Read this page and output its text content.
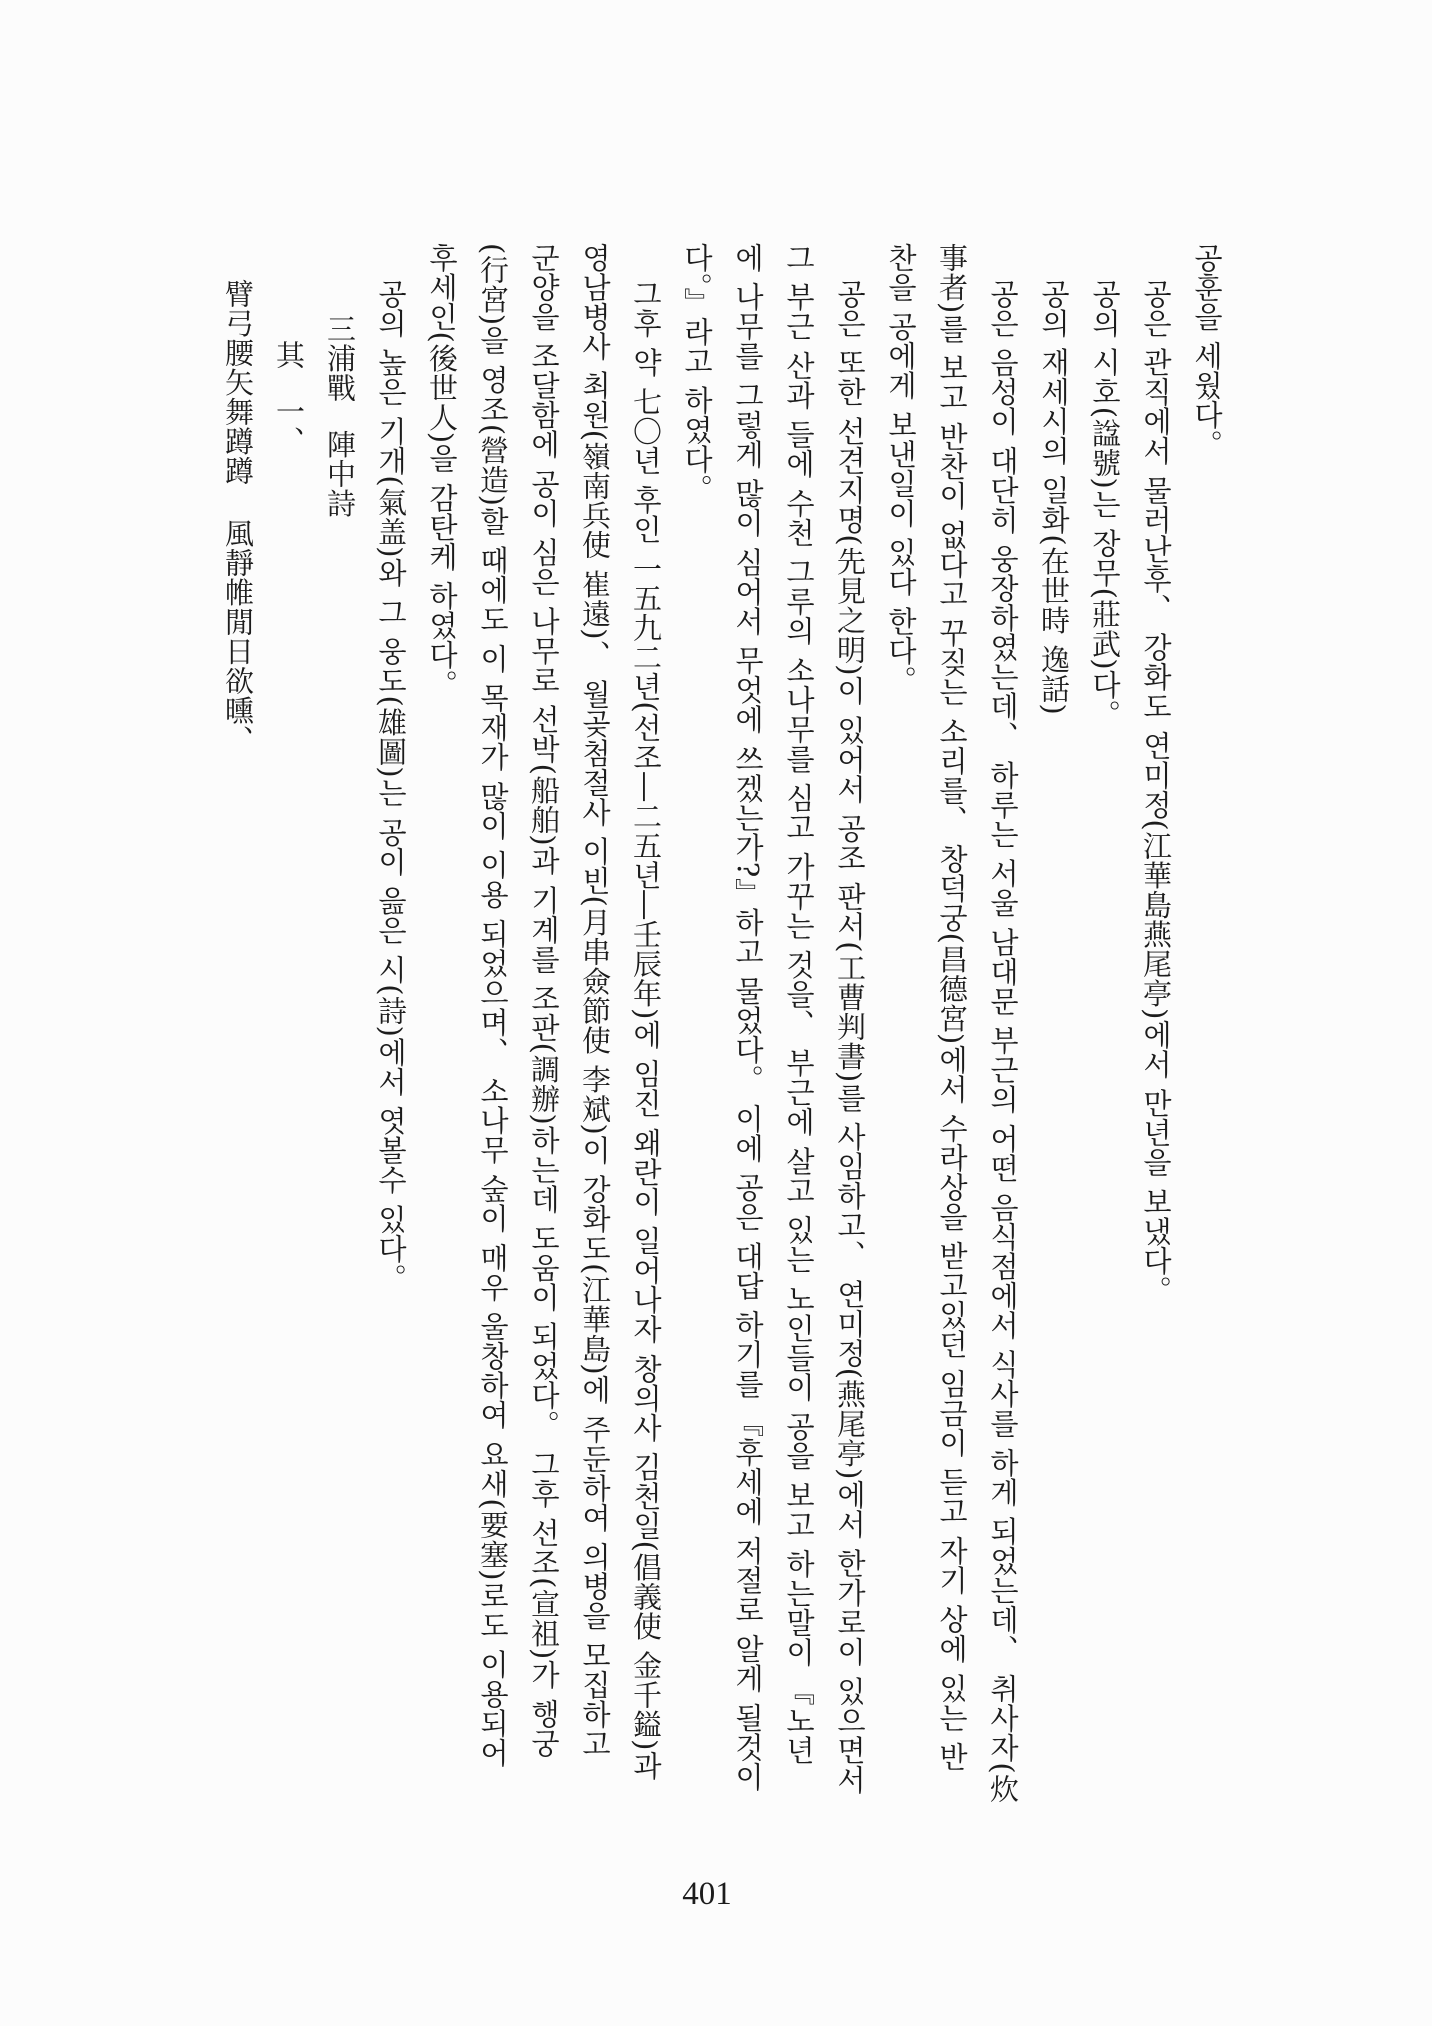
공훈을 세웠다。
공은 관직에서 물러난후、 강화도 연미정(江華島燕尾亭)에서 만년을 보냈다。
공의 시호(諡號)는 장무(莊武)다。
공의 재세시의 일화(在世時 逸話)
공은 음성이 대단히 웅장하였는데、 하루는 서울 남대문 부근의 어떤 음식점에서 식사를 하게 되었는데、 취사자(炊
事者)를 보고 반찬이 없다고 꾸짖는 소리를、 창덕궁(昌德宮)에서 수라상을 받고있던 임금이 듣고 자기 상에 있는 반
찬을 공에게 보낸일이 있다 한다。
공은 또한 선견지명(先見之明)이 있어서 공조 판서(工曹判書)를 사임하고、 연미정(燕尾亭)에서 한가로이 있으면서
그 부근 산과 들에 수천 그루의 소나무를 심고 가꾸는 것을、 부근에 살고 있는 노인들이 공을 보고 하는말이 『노년
에 나무를 그렇게 많이 심어서 무엇에 쓰겠는가?』하고 물었다。 이에 공은 대답 하기를 『후세에 저절로 알게 될것이
다。』라고 하였다。
그후 약 七〇년 후인 一五九二년(선조―二五년―壬辰年)에 임진 왜란이 일어나자 창의사 김천일(倡義使 金千鎰)과
영남병사 최원(嶺南兵使 崔遠)、 월곶첨절사 이빈(月串僉節使 李斌)이 강화도(江華島)에 주둔하여 의병을 모집하고
군양을 조달함에 공이 심은 나무로 선박(船舶)과 기계를 조판(調辦)하는데 도움이 되었다。 그후 선조(宣祖)가 행궁
(行宮)을 영조(營造)할 때에도 이 목재가 많이 이용 되었으며、 소나무 숲이 매우 울창하여 요새(要塞)로도 이용되어
후세인(後世人)을 감탄케 하였다。
공의 높은 기개(氣盖)와 그 웅도(雄圖)는 공이 읊은 시(詩)에서 엿볼수 있다。
三浦戰 陣中詩
其 一、
臂弓腰矢舞蹲蹲 風靜帷閒日欲曛、
401
